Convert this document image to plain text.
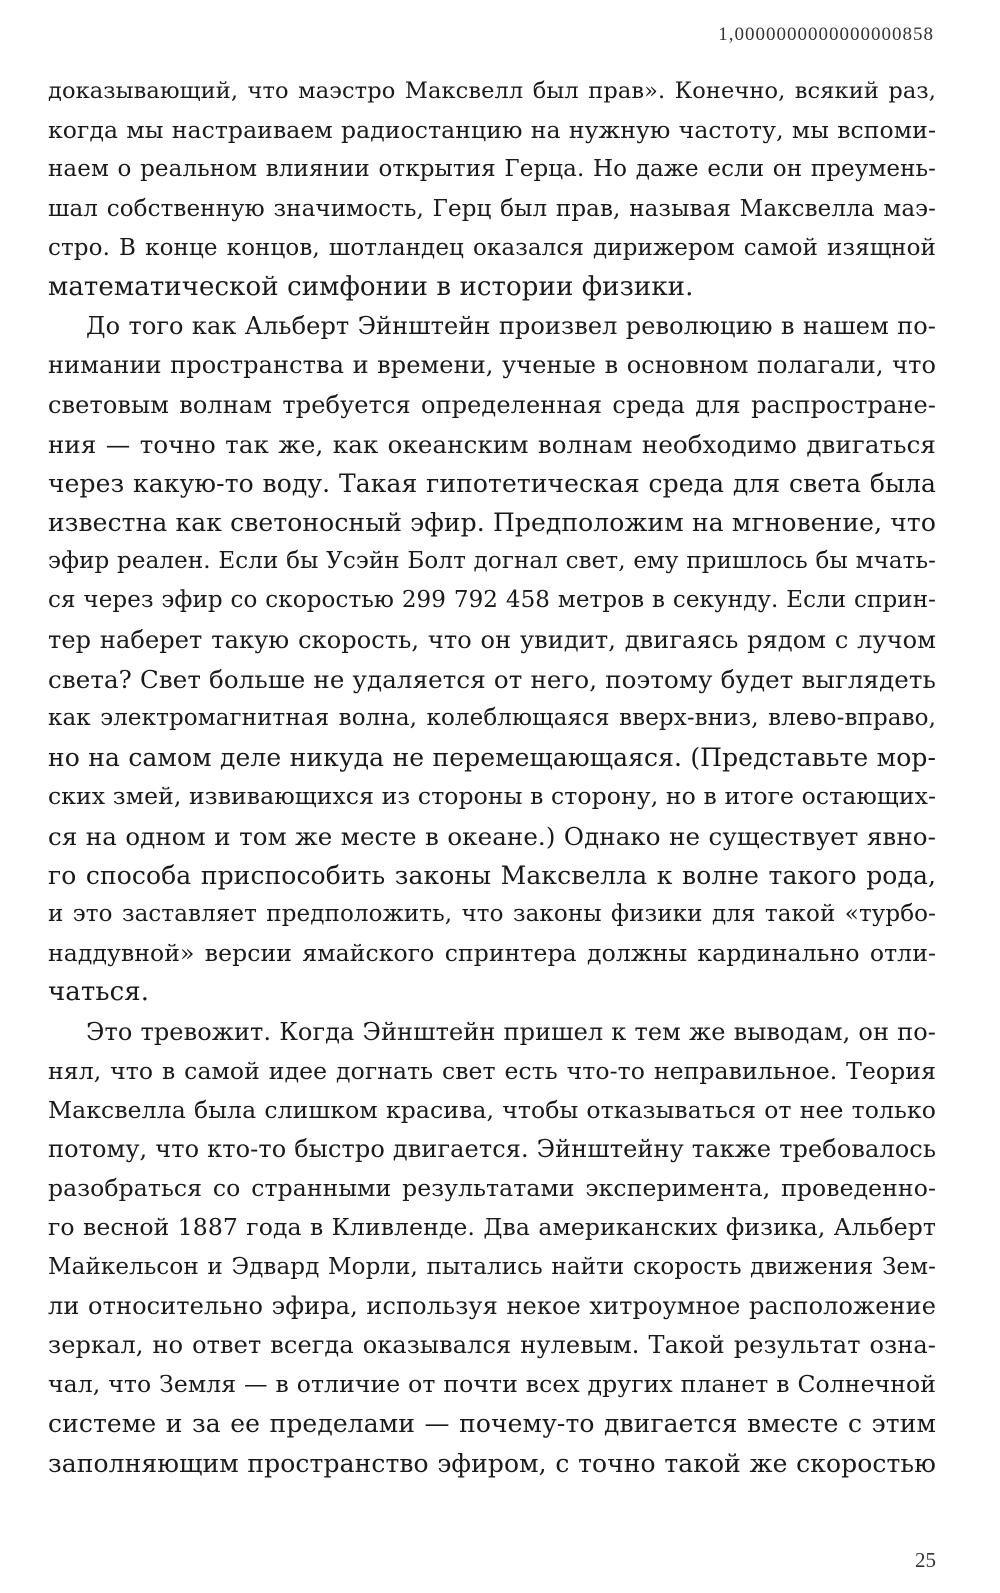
1,0000000000000000858
доказывающий, что маэстро Максвелл был прав». Конечно, всякий раз,
когда мы настраиваем радиостанцию на нужную частоту, мы вспоми-
наем о реальном влиянии открытия Герца. Но даже если он преумень-
шал собственную значимость, Герц был прав, называя Максвелла маэ-
стро. В конце концов, шотландец оказался дирижером самой изящной
математической симфонии в истории физики.
До того как Альберт Эйнштейн произвел революцию в нашем по-
нимании пространства и времени, ученые в основном полагали, что
световым волнам требуется определенная среда для распростране-
ния — точно так же, как океанским волнам необходимо двигаться
через какую-то воду. Такая гипотетическая среда для света была
известна как светоносный эфир. Предположим на мгновение, что
эфир реален. Если бы Усэйн Болт догнал свет, ему пришлось бы мчать-
ся через эфир со скоростью 299 792 458 метров в секунду. Если сприн-
тер наберет такую скорость, что он увидит, двигаясь рядом с лучом
света? Свет больше не удаляется от него, поэтому будет выглядеть
как электромагнитная волна, колеблющаяся вверх-вниз, влево-вправо,
но на самом деле никуда не перемещающаяся. (Представьте мор-
ских змей, извивающихся из стороны в сторону, но в итоге остающих-
ся на одном и том же месте в океане.) Однако не существует явно-
го способа приспособить законы Максвелла к волне такого рода,
и это заставляет предположить, что законы физики для такой «турбо-
наддувной» версии ямайского спринтера должны кардинально отли-
чаться.
Это тревожит. Когда Эйнштейн пришел к тем же выводам, он по-
нял, что в самой идее догнать свет есть что-то неправильное. Теория
Максвелла была слишком красива, чтобы отказываться от нее только
потому, что кто-то быстро двигается. Эйнштейну также требовалось
разобраться со странными результатами эксперимента, проведенно-
го весной 1887 года в Кливленде. Два американских физика, Альберт
Майкельсон и Эдвард Морли, пытались найти скорость движения Зем-
ли относительно эфира, используя некое хитроумное расположение
зеркал, но ответ всегда оказывался нулевым. Такой результат озна-
чал, что Земля — в отличие от почти всех других планет в Солнечной
системе и за ее пределами — почему-то двигается вместе с этим
заполняющим пространство эфиром, с точно такой же скоростью
25
